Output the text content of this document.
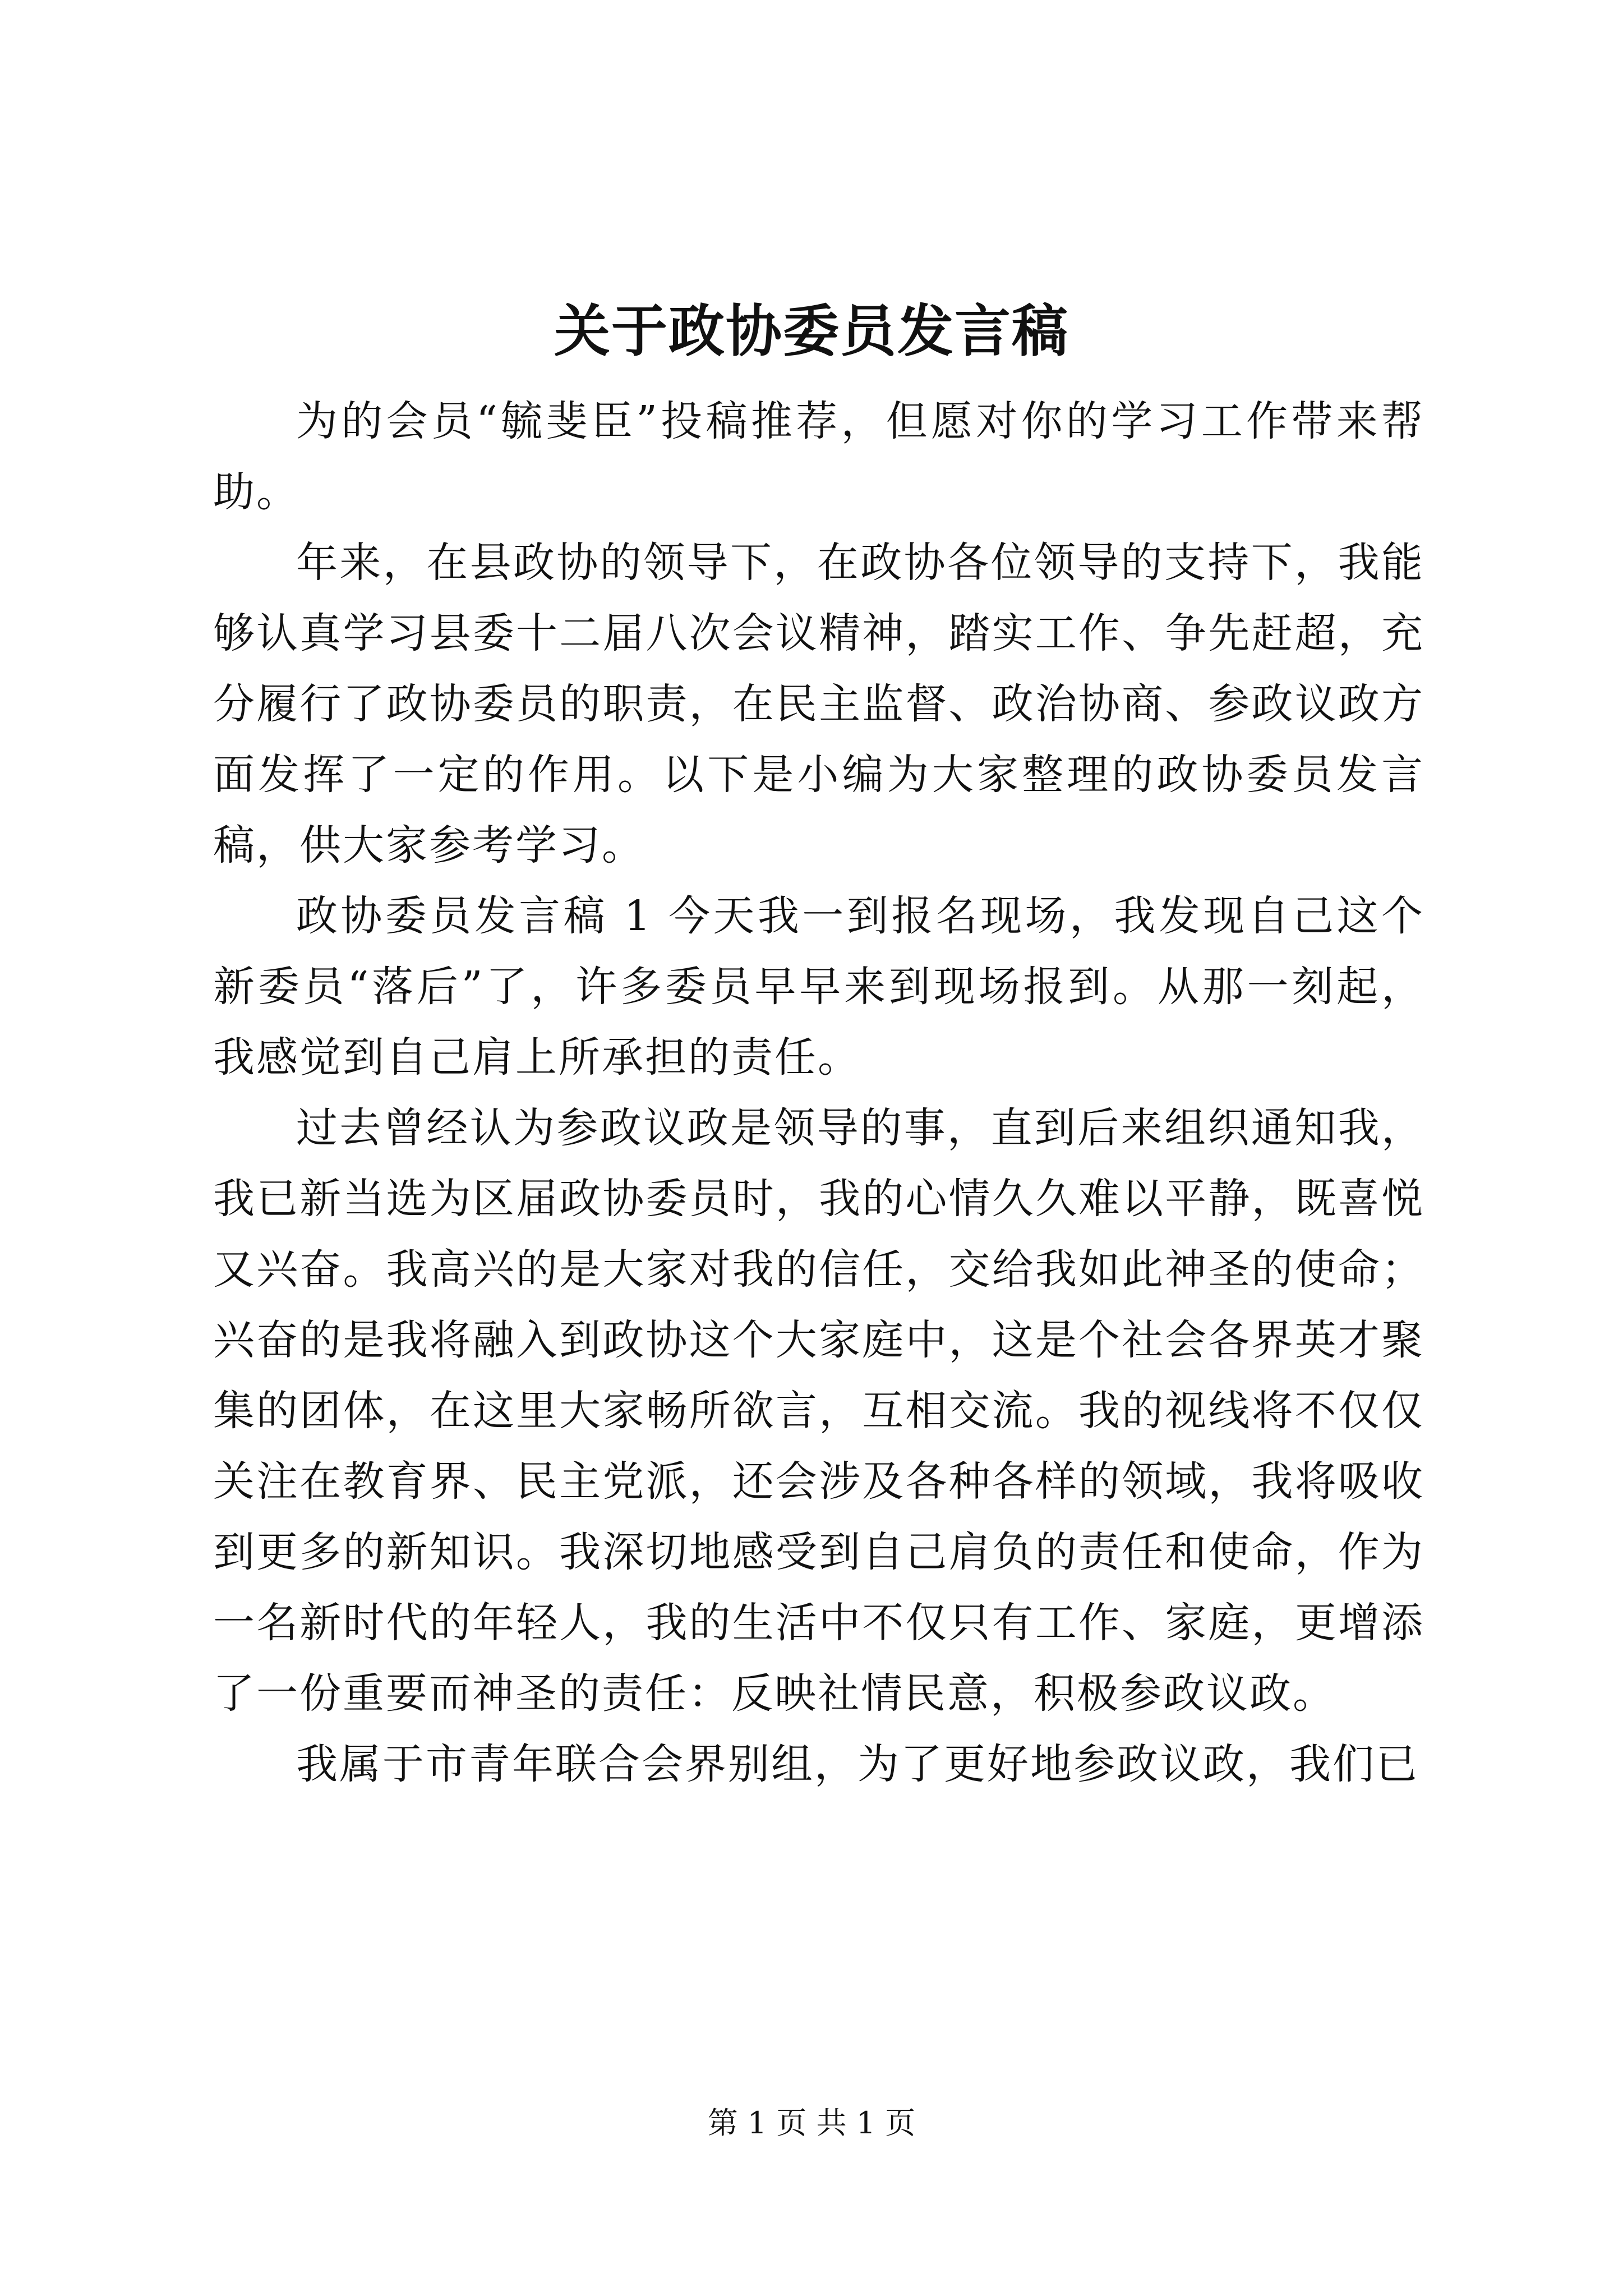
关于政协委员发言稿

为的会员“毓斐臣”投稿推荐，但愿对你的学习工作带来帮助。

年来，在县政协的领导下，在政协各位领导的支持下，我能够认真学习县委十二届八次会议精神，踏实工作、争先赶超，充分履行了政协委员的职责，在民主监督、政治协商、参政议政方面发挥了一定的作用。以下是小编为大家整理的政协委员发言稿，供大家参考学习。

政协委员发言稿 1 今天我一到报名现场，我发现自己这个新委员“落后”了，许多委员早早来到现场报到。从那一刻起，我感觉到自己肩上所承担的责任。

过去曾经认为参政议政是领导的事，直到后来组织通知我，我已新当选为区届政协委员时，我的心情久久难以平静，既喜悦又兴奋。我高兴的是大家对我的信任，交给我如此神圣的使命；兴奋的是我将融入到政协这个大家庭中，这是个社会各界英才聚集的团体，在这里大家畅所欲言，互相交流。我的视线将不仅仅关注在教育界、民主党派，还会涉及各种各样的领域，我将吸收到更多的新知识。我深切地感受到自己肩负的责任和使命，作为一名新时代的年轻人，我的生活中不仅只有工作、家庭，更增添了一份重要而神圣的责任：反映社情民意，积极参政议政。

我属于市青年联合会界别组，为了更好地参政议政，我们已

第 1 页 共 1 页
